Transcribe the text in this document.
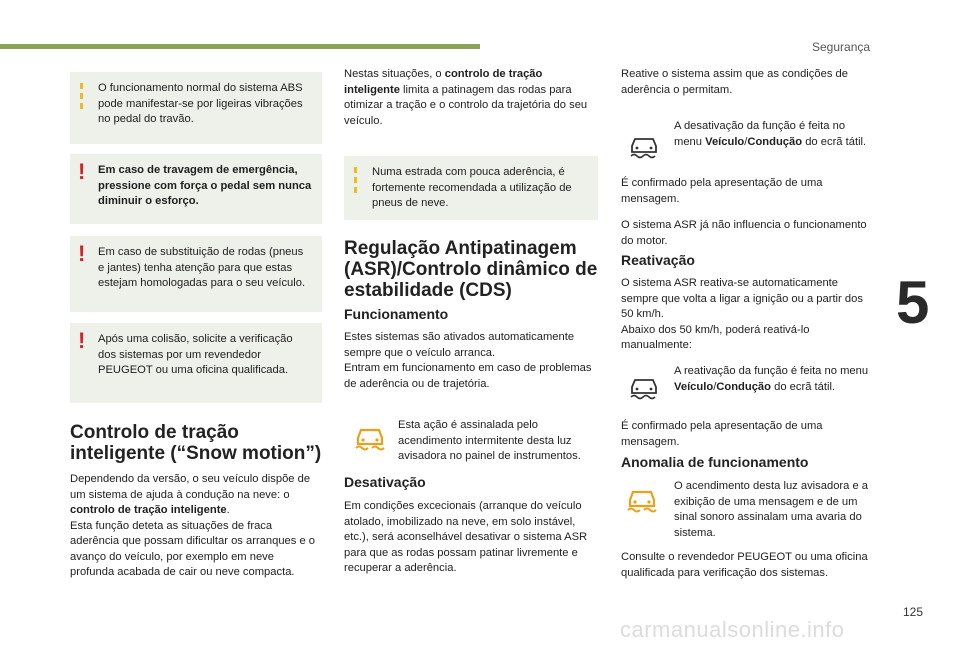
Segurança
5
125
carmanualsonline.info
O funcionamento normal do sistema ABS pode manifestar-se por ligeiras vibrações no pedal do travão.
! Em caso de travagem de emergência, pressione com força o pedal sem nunca diminuir o esforço.
! Em caso de substituição de rodas (pneus e jantes) tenha atenção para que estas estejam homologadas para o seu veículo.
! Após uma colisão, solicite a verificação dos sistemas por um revendedor PEUGEOT ou uma oficina qualificada.
Controlo de tração inteligente (“Snow motion”)
Dependendo da versão, o seu veículo dispõe de um sistema de ajuda à condução na neve: o controlo de tração inteligente.
Esta função deteta as situações de fraca aderência que possam dificultar os arranques e o avanço do veículo, por exemplo em neve profunda acabada de cair ou neve compacta.
Nestas situações, o controlo de tração inteligente limita a patinagem das rodas para otimizar a tração e o controlo da trajetória do seu veículo.
Numa estrada com pouca aderência, é fortemente recomendada a utilização de pneus de neve.
Regulação Antipatinagem (ASR)/Controlo dinâmico de estabilidade (CDS)
Funcionamento
Estes sistemas são ativados automaticamente sempre que o veículo arranca.
Entram em funcionamento em caso de problemas de aderência ou de trajetória.
Esta ação é assinalada pelo acendimento intermitente desta luz avisadora no painel de instrumentos.
Desativação
Em condições excecionais (arranque do veículo atolado, imobilizado na neve, em solo instável, etc.), será aconselhável desativar o sistema ASR para que as rodas possam patinar livremente e recuperar a aderência.
Reative o sistema assim que as condições de aderência o permitam.
A desativação da função é feita no menu Veículo/Condução do ecrã tátil.
É confirmado pela apresentação de uma mensagem.
O sistema ASR já não influencia o funcionamento do motor.
Reativação
O sistema ASR reativa-se automaticamente sempre que volta a ligar a ignição ou a partir dos 50 km/h.
Abaixo dos 50 km/h, poderá reativá-lo manualmente:
A reativação da função é feita no menu Veículo/Condução do ecrã tátil.
É confirmado pela apresentação de uma mensagem.
Anomalia de funcionamento
O acendimento desta luz avisadora e a exibição de uma mensagem e de um sinal sonoro assinalam uma avaria do sistema.
Consulte o revendedor PEUGEOT ou uma oficina qualificada para verificação dos sistemas.
